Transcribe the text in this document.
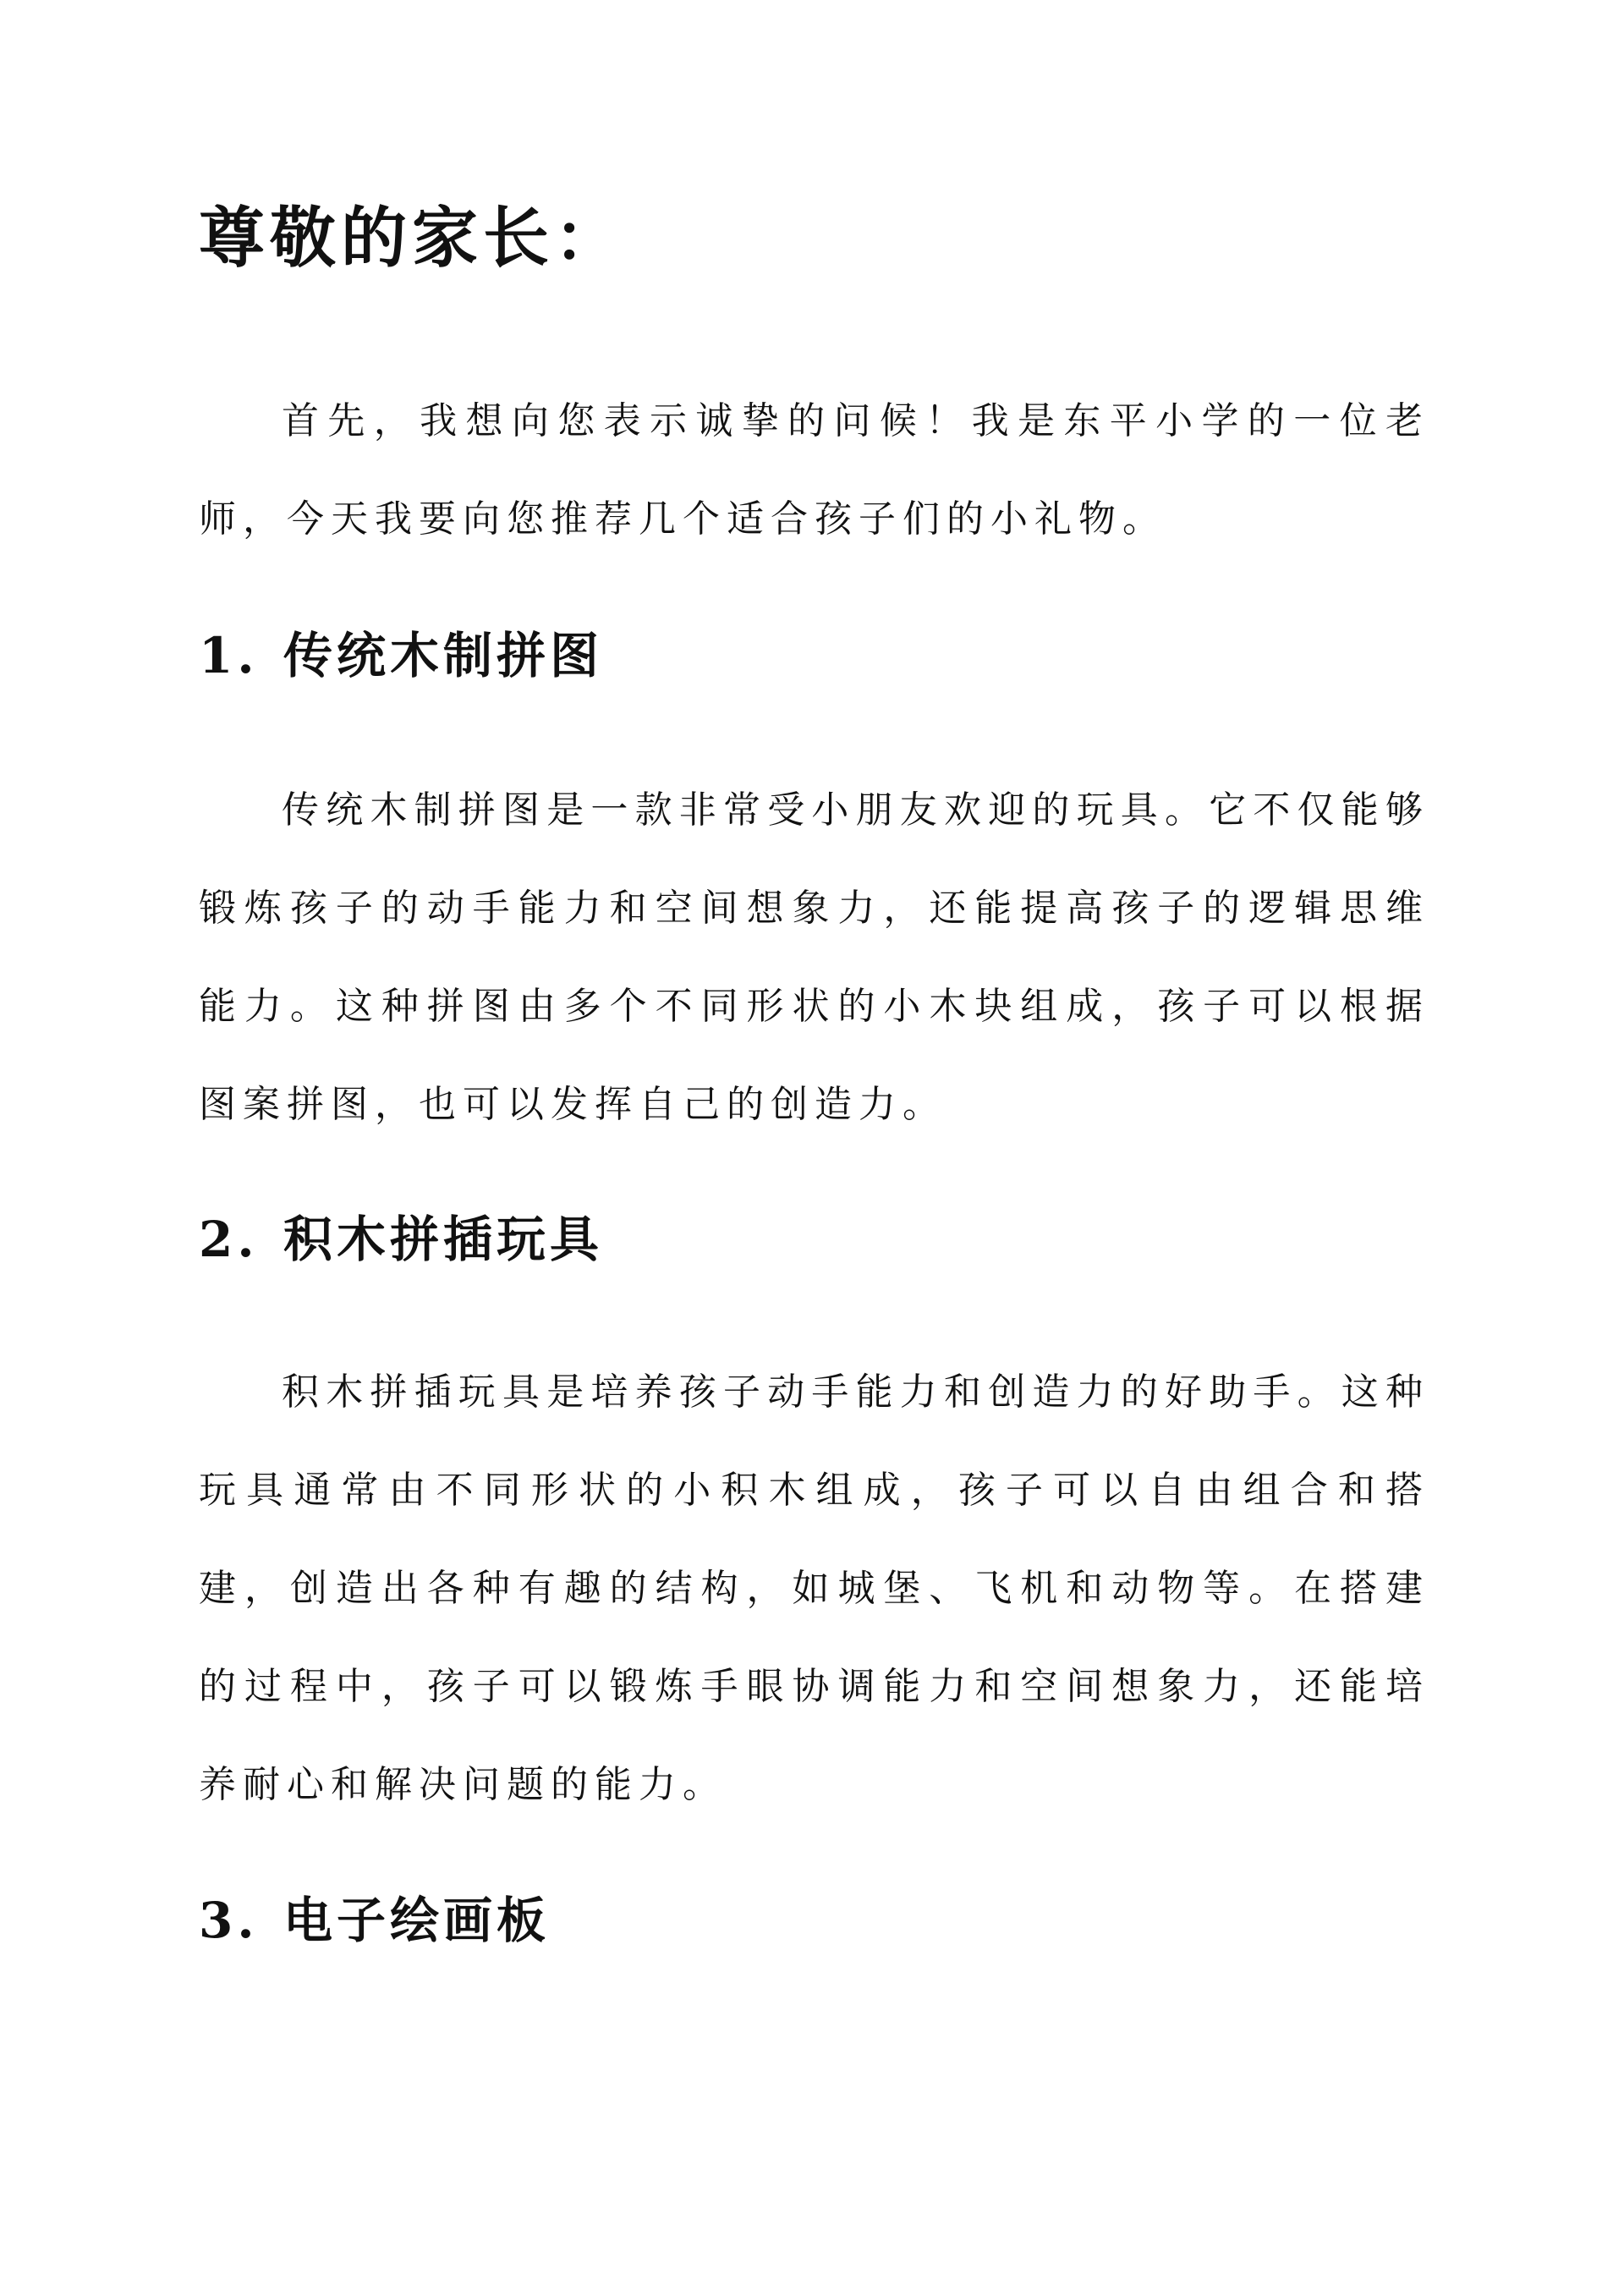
尊敬的家长：

首先，我想向您表示诚挚的问候！我是东平小学的一位老师，今天我要向您推荐几个适合孩子们的小礼物。

1. 传统木制拼图

传统木制拼图是一款非常受小朋友欢迎的玩具。它不仅能够锻炼孩子的动手能力和空间想象力，还能提高孩子的逻辑思维能力。这种拼图由多个不同形状的小木块组成，孩子可以根据图案拼图，也可以发挥自己的创造力。

2. 积木拼插玩具

积木拼插玩具是培养孩子动手能力和创造力的好助手。这种玩具通常由不同形状的小积木组成，孩子可以自由组合和搭建，创造出各种有趣的结构，如城堡、飞机和动物等。在搭建的过程中，孩子可以锻炼手眼协调能力和空间想象力，还能培养耐心和解决问题的能力。

3. 电子绘画板
